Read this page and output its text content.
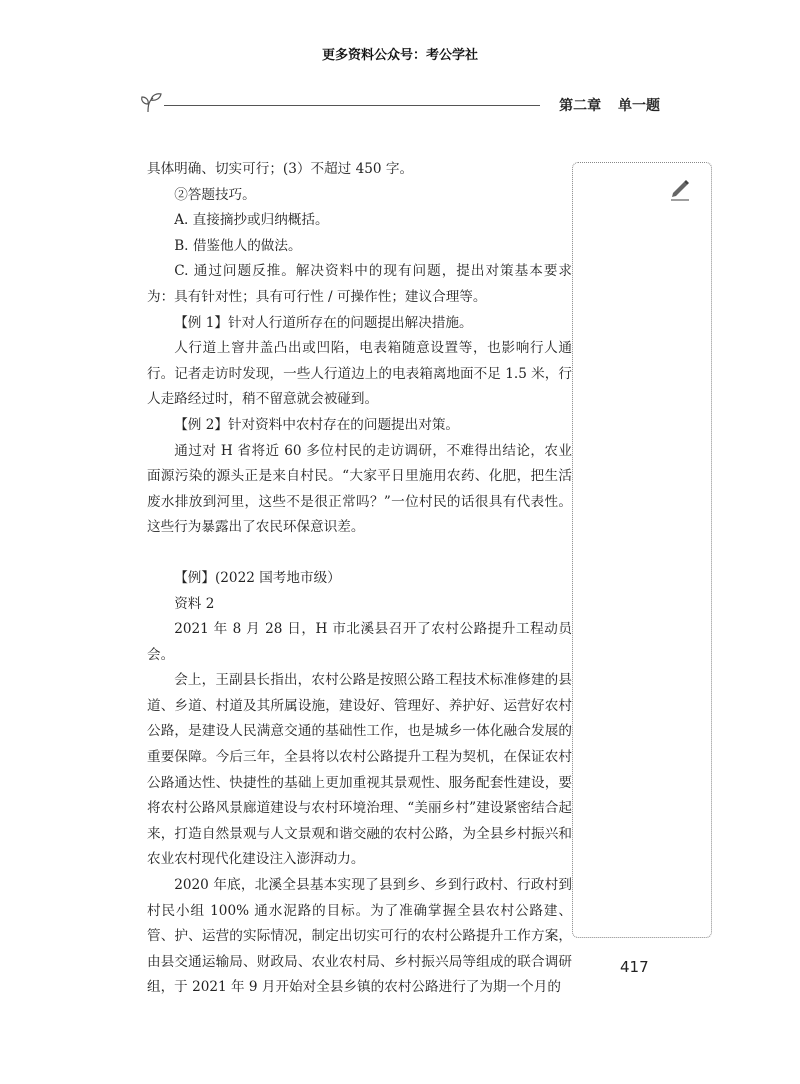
更多资料公众号：考公学社
第二章 单一题

具体明确、切实可行；(3）不超过 450 字。

②答题技巧。

A. 直接摘抄或归纳概括。

B. 借鉴他人的做法。

C. 通过问题反推。解决资料中的现有问题，提出对策基本要求为：具有针对性；具有可行性 / 可操作性；建议合理等。

【例 1】针对人行道所存在的问题提出解决措施。

人行道上窨井盖凸出或凹陷，电表箱随意设置等，也影响行人通行。记者走访时发现，一些人行道边上的电表箱离地面不足 1.5 米，行人走路经过时，稍不留意就会被碰到。

【例 2】针对资料中农村存在的问题提出对策。

通过对 H 省将近 60 多位村民的走访调研，不难得出结论，农业面源污染的源头正是来自村民。“大家平日里施用农药、化肥，把生活废水排放到河里，这些不是很正常吗？”一位村民的话很具有代表性。这些行为暴露出了农民环保意识差。

【例】(2022 国考地市级）

资料 2

2021 年 8 月 28 日，H 市北溪县召开了农村公路提升工程动员会。

会上，王副县长指出，农村公路是按照公路工程技术标准修建的县道、乡道、村道及其所属设施，建设好、管理好、养护好、运营好农村公路，是建设人民满意交通的基础性工作，也是城乡一体化融合发展的重要保障。今后三年，全县将以农村公路提升工程为契机，在保证农村公路通达性、快捷性的基础上更加重视其景观性、服务配套性建设，要将农村公路风景廊道建设与农村环境治理、“美丽乡村”建设紧密结合起来，打造自然景观与人文景观和谐交融的农村公路，为全县乡村振兴和农业农村现代化建设注入澎湃动力。

2020 年底，北溪全县基本实现了县到乡、乡到行政村、行政村到村民小组 100% 通水泥路的目标。为了准确掌握全县农村公路建、管、护、运营的实际情况，制定出切实可行的农村公路提升工作方案，由县交通运输局、财政局、农业农村局、乡村振兴局等组成的联合调研组，于 2021 年 9 月开始对全县乡镇的农村公路进行了为期一个月的

417
